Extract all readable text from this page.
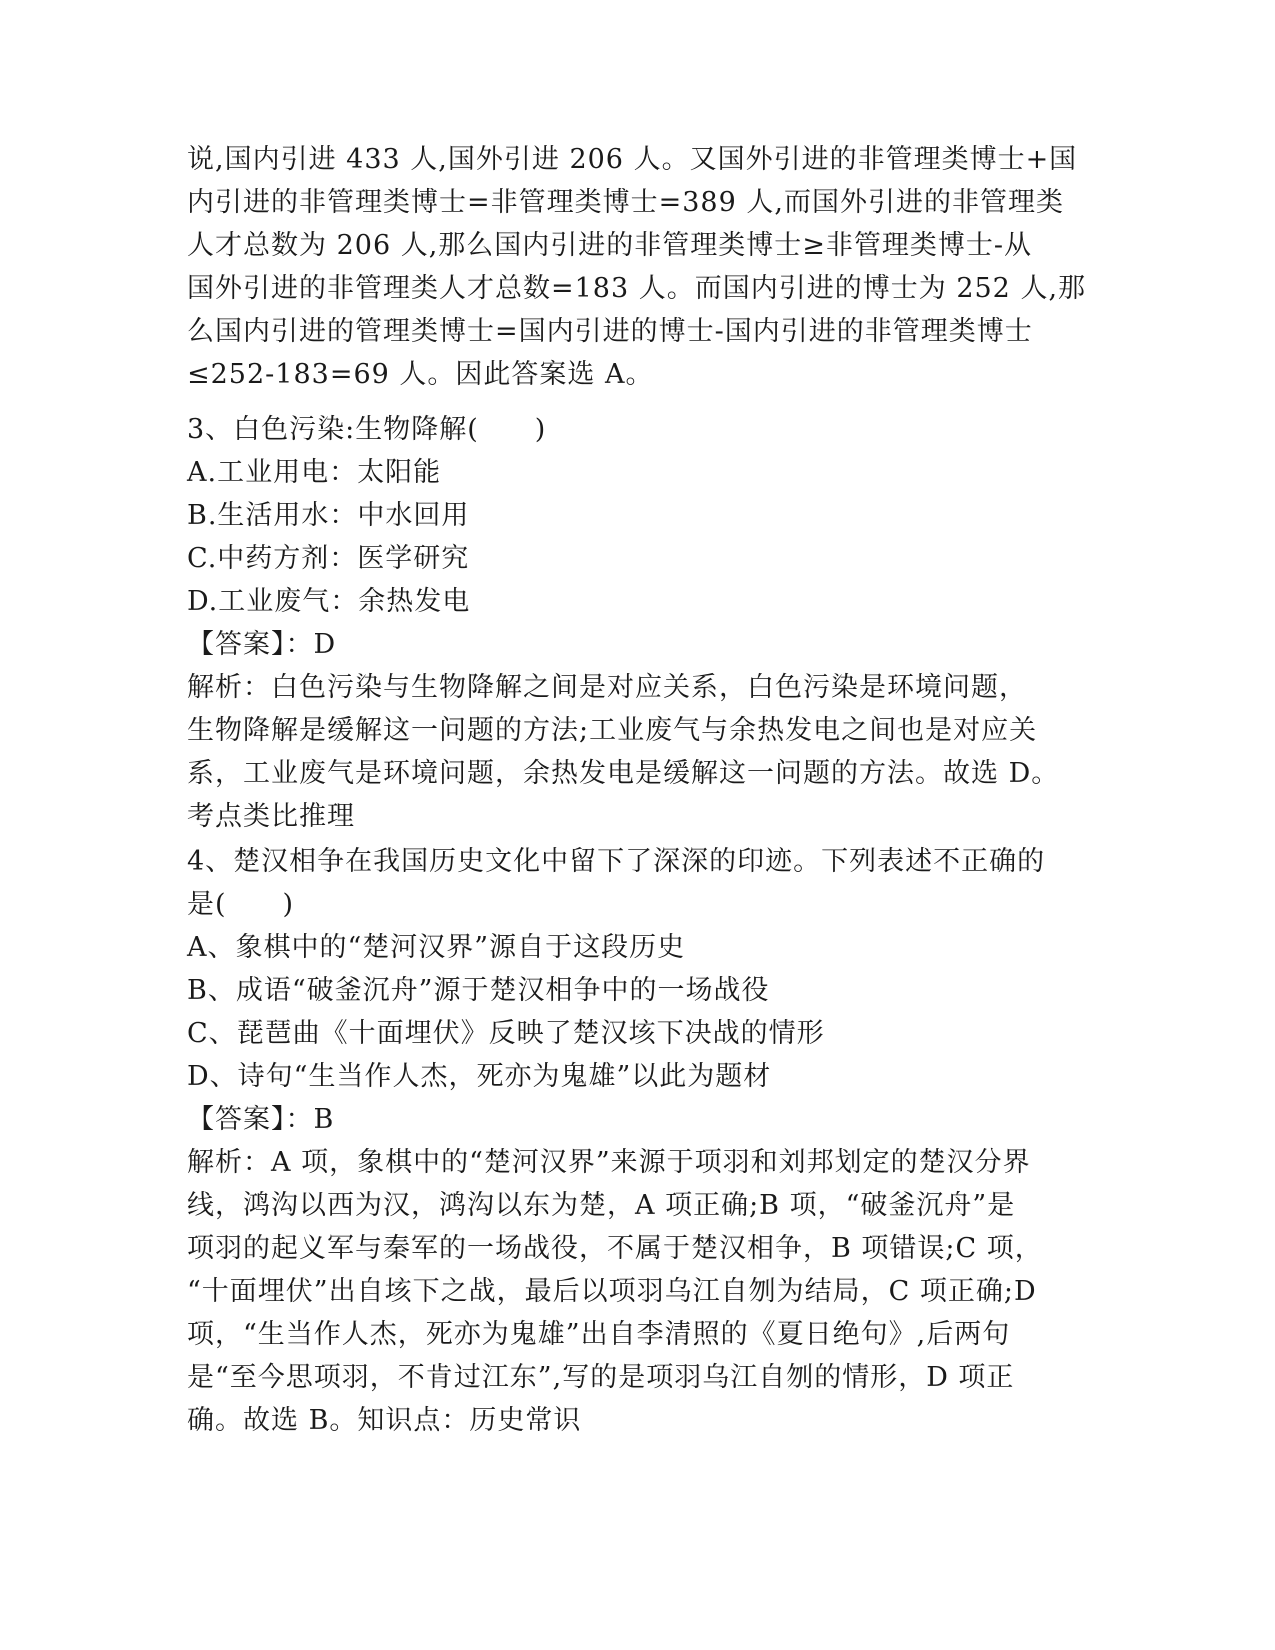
说,国内引进 433 人,国外引进 206 人。又国外引进的非管理类博士+国
内引进的非管理类博士=非管理类博士=389 人,而国外引进的非管理类
人才总数为 206 人,那么国内引进的非管理类博士≥非管理类博士-从
国外引进的非管理类人才总数=183 人。而国内引进的博士为 252 人,那
么国内引进的管理类博士=国内引进的博士-国内引进的非管理类博士
≤252-183=69 人。因此答案选 A。
3、白色污染:生物降解(　　)
A.工业用电：太阳能
B.生活用水：中水回用
C.中药方剂：医学研究
D.工业废气：余热发电
【答案】：D
解析：白色污染与生物降解之间是对应关系，白色污染是环境问题，
生物降解是缓解这一问题的方法;工业废气与余热发电之间也是对应关
系，工业废气是环境问题，余热发电是缓解这一问题的方法。故选 D。
考点类比推理
4、楚汉相争在我国历史文化中留下了深深的印迹。下列表述不正确的
是(　　)
A、象棋中的“楚河汉界”源自于这段历史
B、成语“破釜沉舟”源于楚汉相争中的一场战役
C、琵琶曲《十面埋伏》反映了楚汉垓下决战的情形
D、诗句“生当作人杰，死亦为鬼雄”以此为题材
【答案】：B
解析：A 项，象棋中的“楚河汉界”来源于项羽和刘邦划定的楚汉分界
线，鸿沟以西为汉，鸿沟以东为楚，A 项正确;B 项，“破釜沉舟”是
项羽的起义军与秦军的一场战役，不属于楚汉相争，B 项错误;C 项，
“十面埋伏”出自垓下之战，最后以项羽乌江自刎为结局，C 项正确;D
项，“生当作人杰，死亦为鬼雄”出自李清照的《夏日绝句》,后两句
是“至今思项羽，不肯过江东”,写的是项羽乌江自刎的情形，D 项正
确。故选 B。知识点：历史常识
